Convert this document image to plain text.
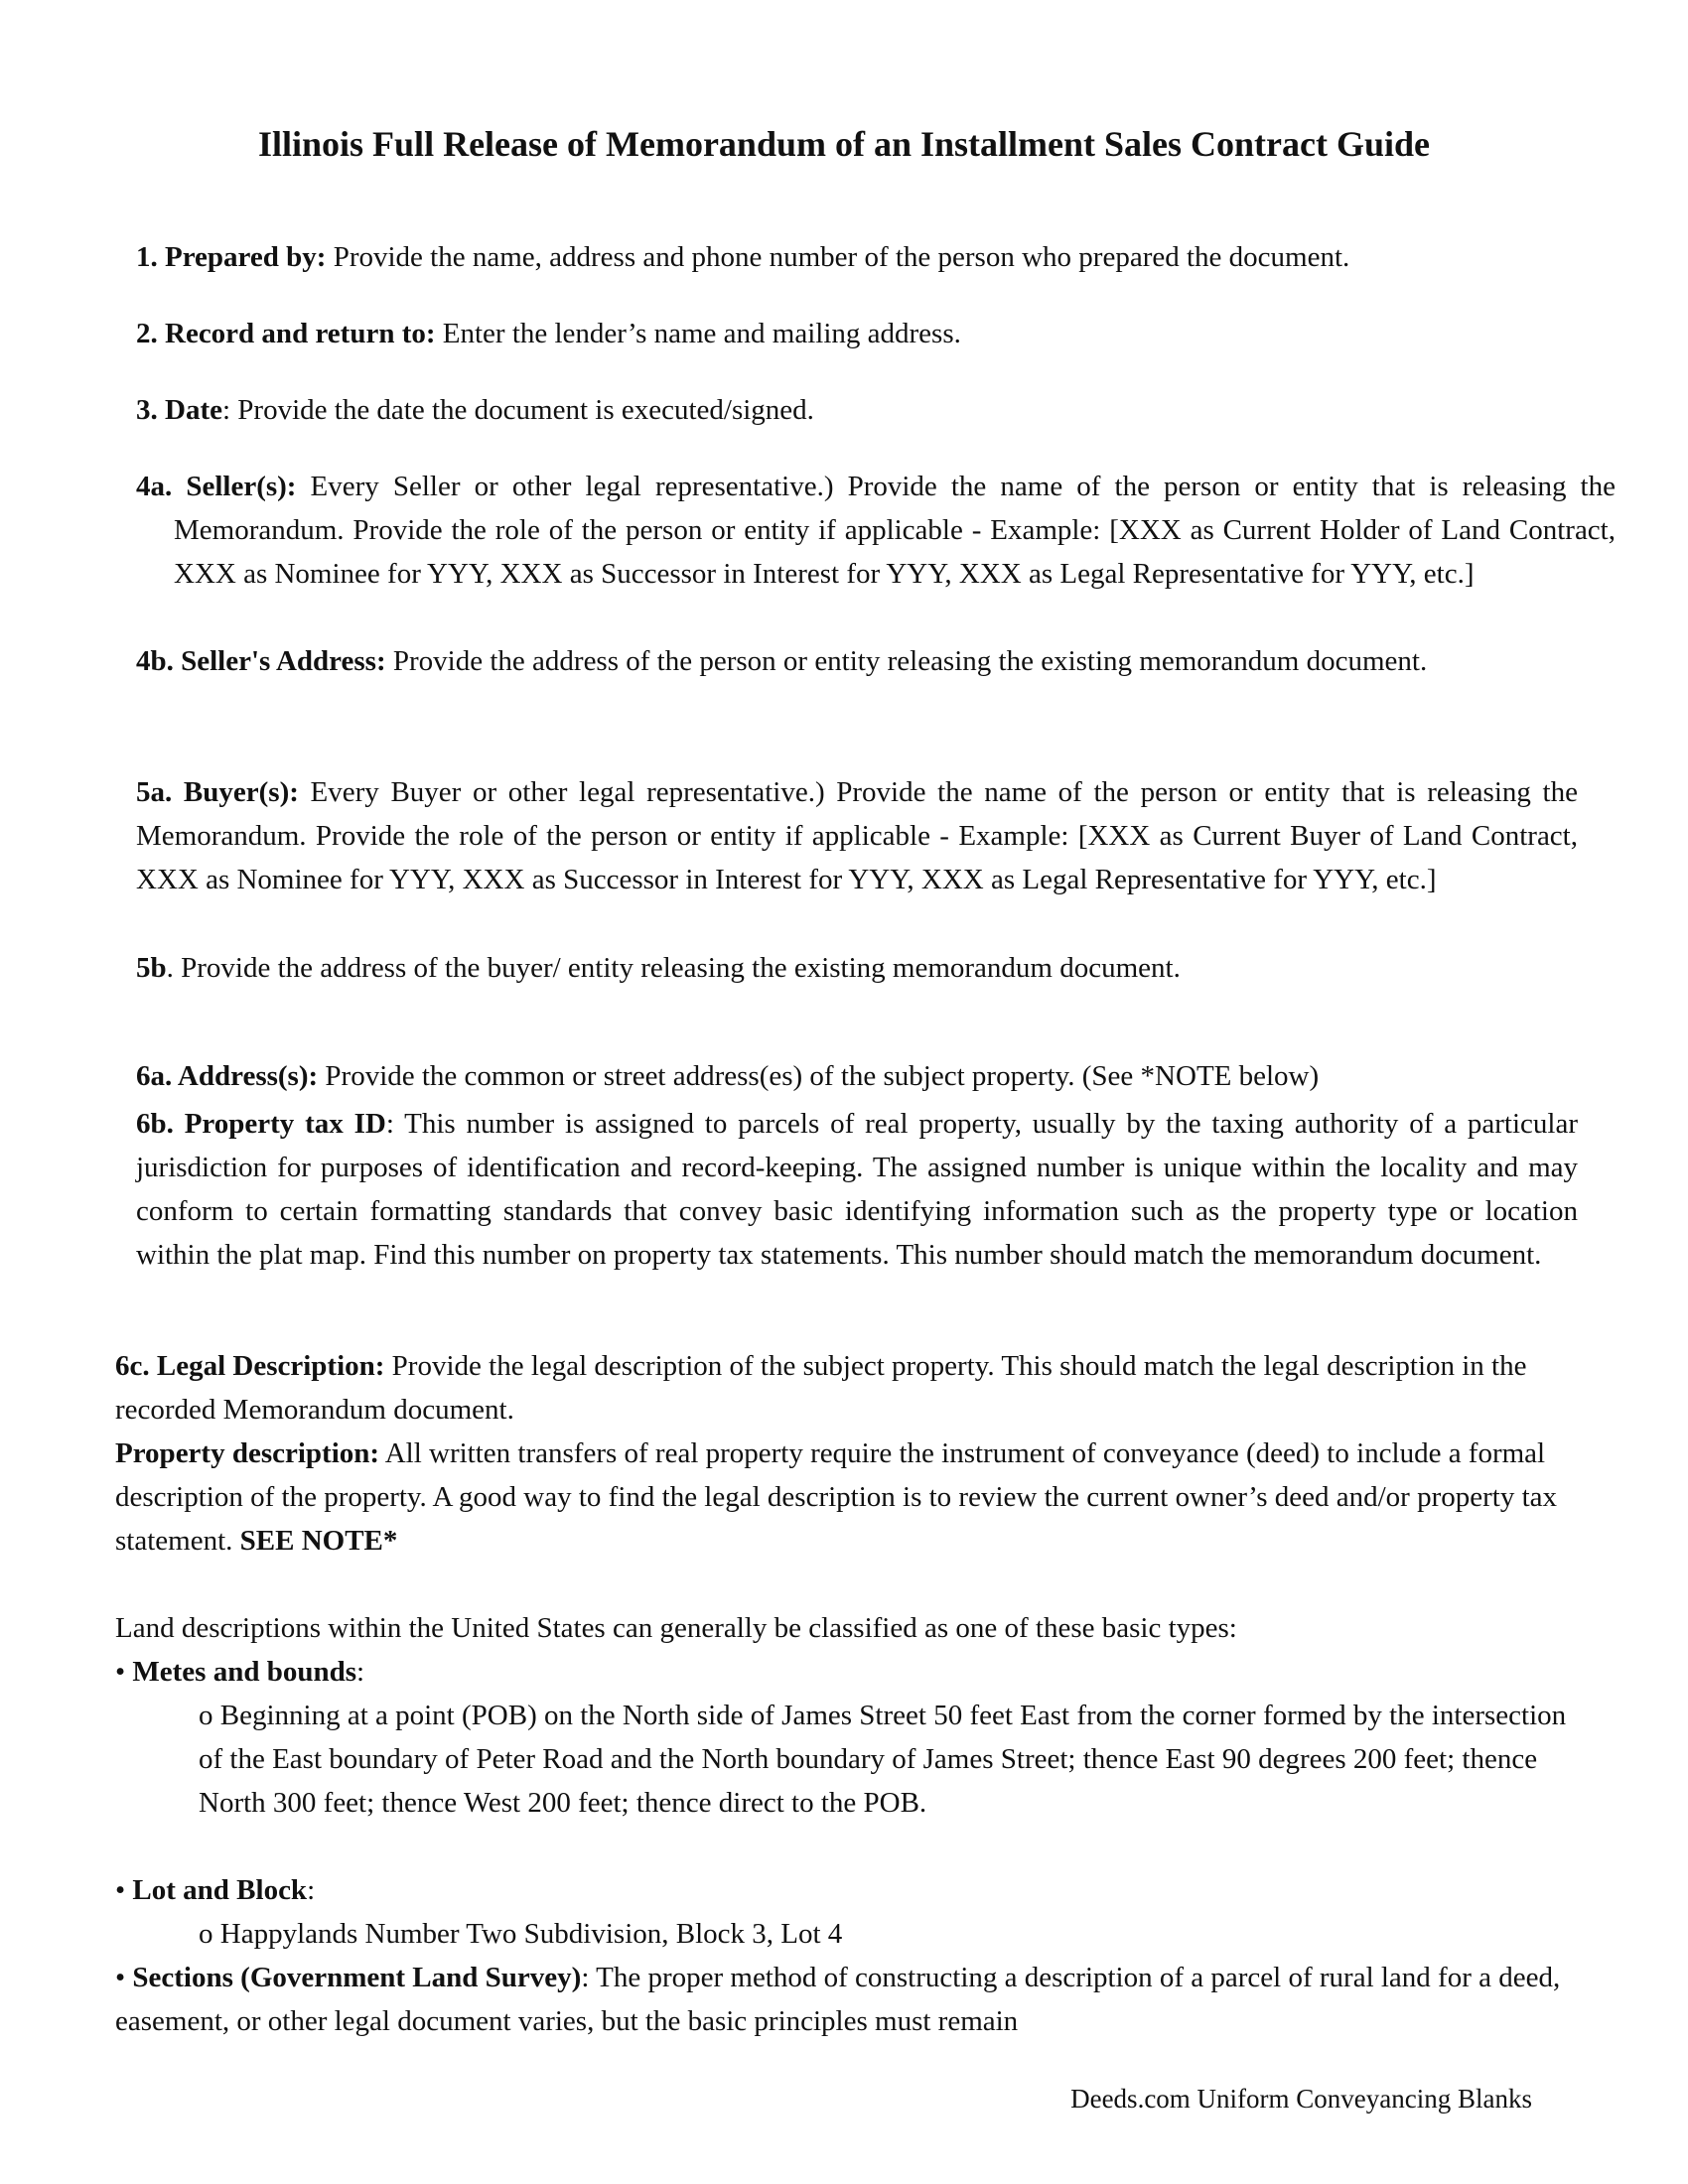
Illinois Full Release of Memorandum of an Installment Sales Contract Guide

1. Prepared by: Provide the name, address and phone number of the person who prepared the document.

2. Record and return to: Enter the lender’s name and mailing address.

3. Date: Provide the date the document is executed/signed.

4a. Seller(s): Every Seller or other legal representative.) Provide the name of the person or entity that is releasing the Memorandum. Provide the role of the person or entity if applicable - Example: [XXX as Current Holder of Land Contract, XXX as Nominee for YYY, XXX as Successor in Interest for YYY, XXX as Legal Representative for YYY, etc.]

4b. Seller's Address: Provide the address of the person or entity releasing the existing memorandum document.

5a. Buyer(s): Every Buyer or other legal representative.) Provide the name of the person or entity that is releasing the Memorandum. Provide the role of the person or entity if applicable - Example: [XXX as Current Buyer of Land Contract, XXX as Nominee for YYY, XXX as Successor in Interest for YYY, XXX as Legal Representative for YYY, etc.]

5b. Provide the address of the buyer/ entity releasing the existing memorandum document.

6a. Address(s): Provide the common or street address(es) of the subject property. (See *NOTE below)

6b. Property tax ID: This number is assigned to parcels of real property, usually by the taxing authority of a particular jurisdiction for purposes of identification and record-keeping. The assigned number is unique within the locality and may conform to certain formatting standards that convey basic identifying information such as the property type or location within the plat map. Find this number on property tax statements. This number should match the memorandum document.

6c. Legal Description: Provide the legal description of the subject property. This should match the legal description in the recorded Memorandum document.

Property description: All written transfers of real property require the instrument of conveyance (deed) to include a formal description of the property. A good way to find the legal description is to review the current owner’s deed and/or property tax statement. SEE NOTE*

Land descriptions within the United States can generally be classified as one of these basic types:

• Metes and bounds:

o Beginning at a point (POB) on the North side of James Street 50 feet East from the corner formed by the intersection of the East boundary of Peter Road and the North boundary of James Street; thence East 90 degrees 200 feet; thence North 300 feet; thence West 200 feet; thence direct to the POB.

• Lot and Block:

o Happylands Number Two Subdivision, Block 3, Lot 4

• Sections (Government Land Survey): The proper method of constructing a description of a parcel of rural land for a deed, easement, or other legal document varies, but the basic principles must remain

Deeds.com Uniform Conveyancing Blanks
